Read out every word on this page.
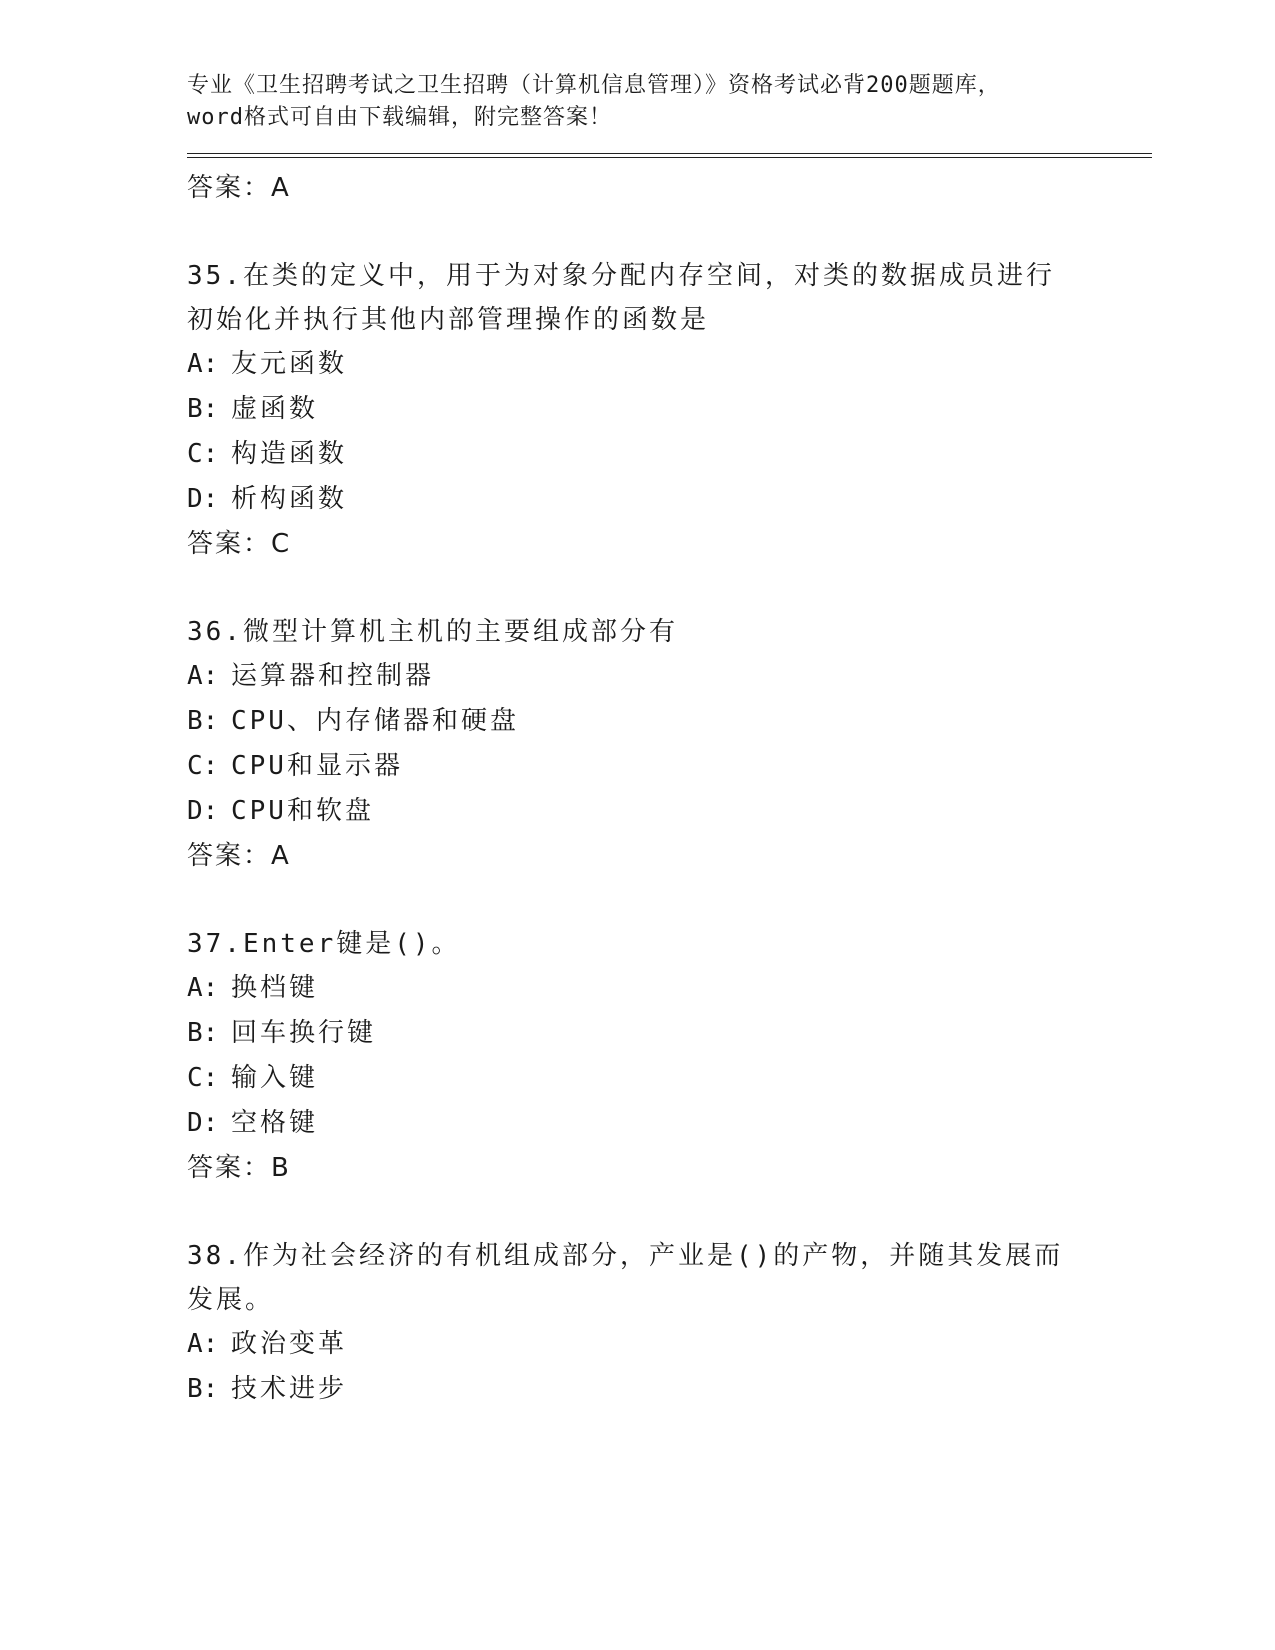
专业《卫生招聘考试之卫生招聘（计算机信息管理）》资格考试必背200题题库，

word格式可自由下载编辑，附完整答案！

答案：A

35.在类的定义中，用于为对象分配内存空间，对类的数据成员进行初始化并执行其他内部管理操作的函数是

A: 友元函数

B: 虚函数

C: 构造函数

D: 析构函数

答案：C

36.微型计算机主机的主要组成部分有

A: 运算器和控制器

B: CPU、内存储器和硬盘

C: CPU和显示器

D: CPU和软盘

答案：A

37.Enter键是()。

A: 换档键

B: 回车换行键

C: 输入键

D: 空格键

答案：B

38.作为社会经济的有机组成部分，产业是()的产物，并随其发展而发展。

A: 政治变革

B: 技术进步
